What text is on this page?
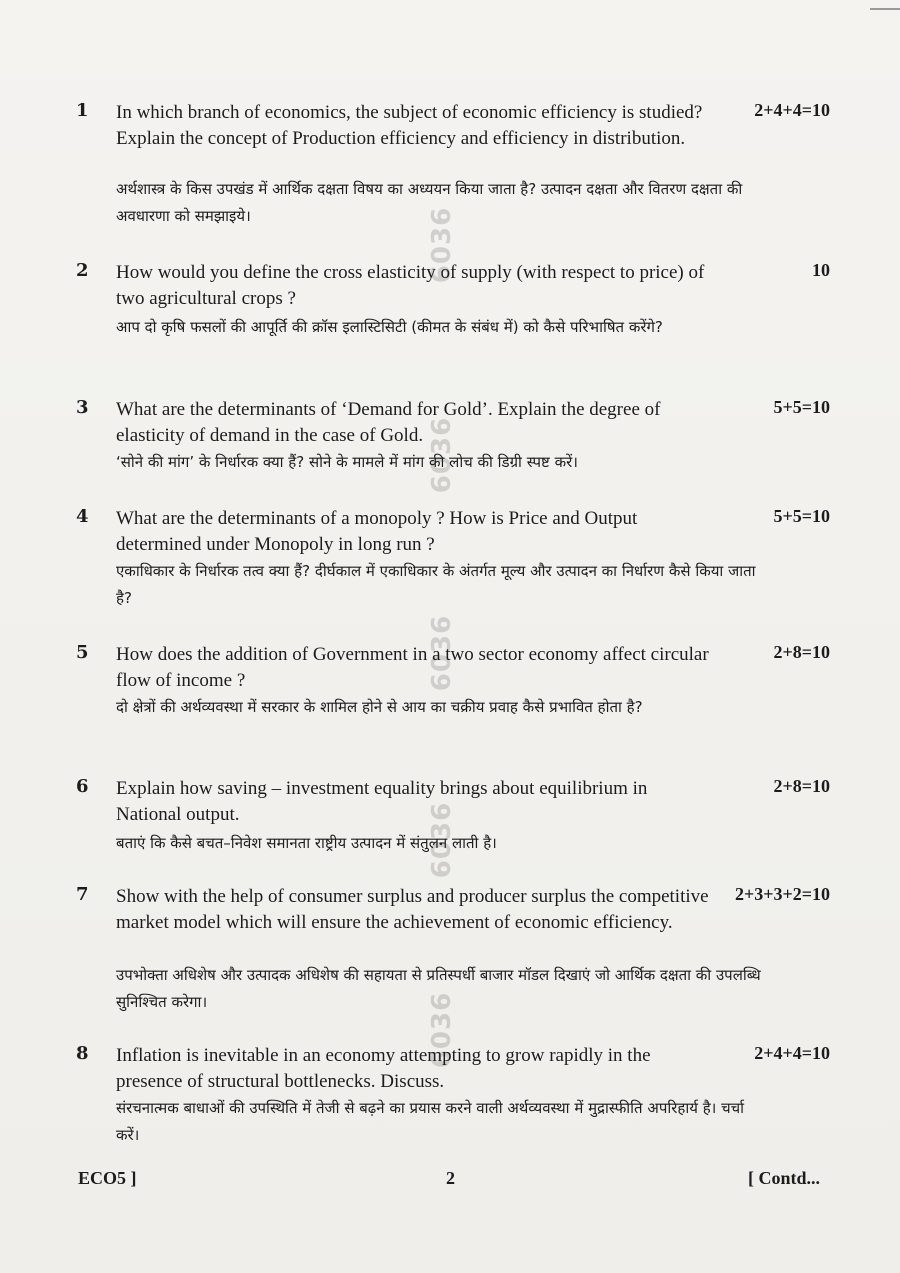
6036
6036
6036
6036
6036
1 In which branch of economics, the subject of economic efficiency is studied? Explain the concept of Production efficiency and efficiency in distribution.
2+4+4=10
अर्थशास्त्र के किस उपखंड में आर्थिक दक्षता विषय का अध्ययन किया जाता है? उत्पादन दक्षता और वितरण दक्षता की अवधारणा को समझाइये।
2 How would you define the cross elasticity of supply (with respect to price) of two agricultural crops ?
10
आप दो कृषि फसलों की आपूर्ति की क्रॉस इलास्टिसिटी (कीमत के संबंध में) को कैसे परिभाषित करेंगे?
3 What are the determinants of ‘Demand for Gold’. Explain the degree of elasticity of demand in the case of Gold.
5+5=10
‘सोने की मांग’ के निर्धारक क्या हैं? सोने के मामले में मांग की लोच की डिग्री स्पष्ट करें।
4 What are the determinants of a monopoly ? How is Price and Output determined under Monopoly in long run ?
5+5=10
एकाधिकार के निर्धारक तत्व क्या हैं? दीर्घकाल में एकाधिकार के अंतर्गत मूल्य और उत्पादन का निर्धारण कैसे किया जाता है?
5 How does the addition of Government in a two sector economy affect circular flow of income ?
2+8=10
दो क्षेत्रों की अर्थव्यवस्था में सरकार के शामिल होने से आय का चक्रीय प्रवाह कैसे प्रभावित होता है?
6 Explain how saving – investment equality brings about equilibrium in National output.
2+8=10
बताएं कि कैसे बचत–निवेश समानता राष्ट्रीय उत्पादन में संतुलन लाती है।
7 Show with the help of consumer surplus and producer surplus the competitive market model which will ensure the achievement of economic efficiency.
2+3+3+2=10
उपभोक्ता अधिशेष और उत्पादक अधिशेष की सहायता से प्रतिस्पर्धी बाजार मॉडल दिखाएं जो आर्थिक दक्षता की उपलब्धि सुनिश्चित करेगा।
8 Inflation is inevitable in an economy attempting to grow rapidly in the presence of structural bottlenecks. Discuss.
2+4+4=10
संरचनात्मक बाधाओं की उपस्थिति में तेजी से बढ़ने का प्रयास करने वाली अर्थव्यवस्था में मुद्रास्फीति अपरिहार्य है। चर्चा करें।
ECO5 ]	2	[ Contd...
